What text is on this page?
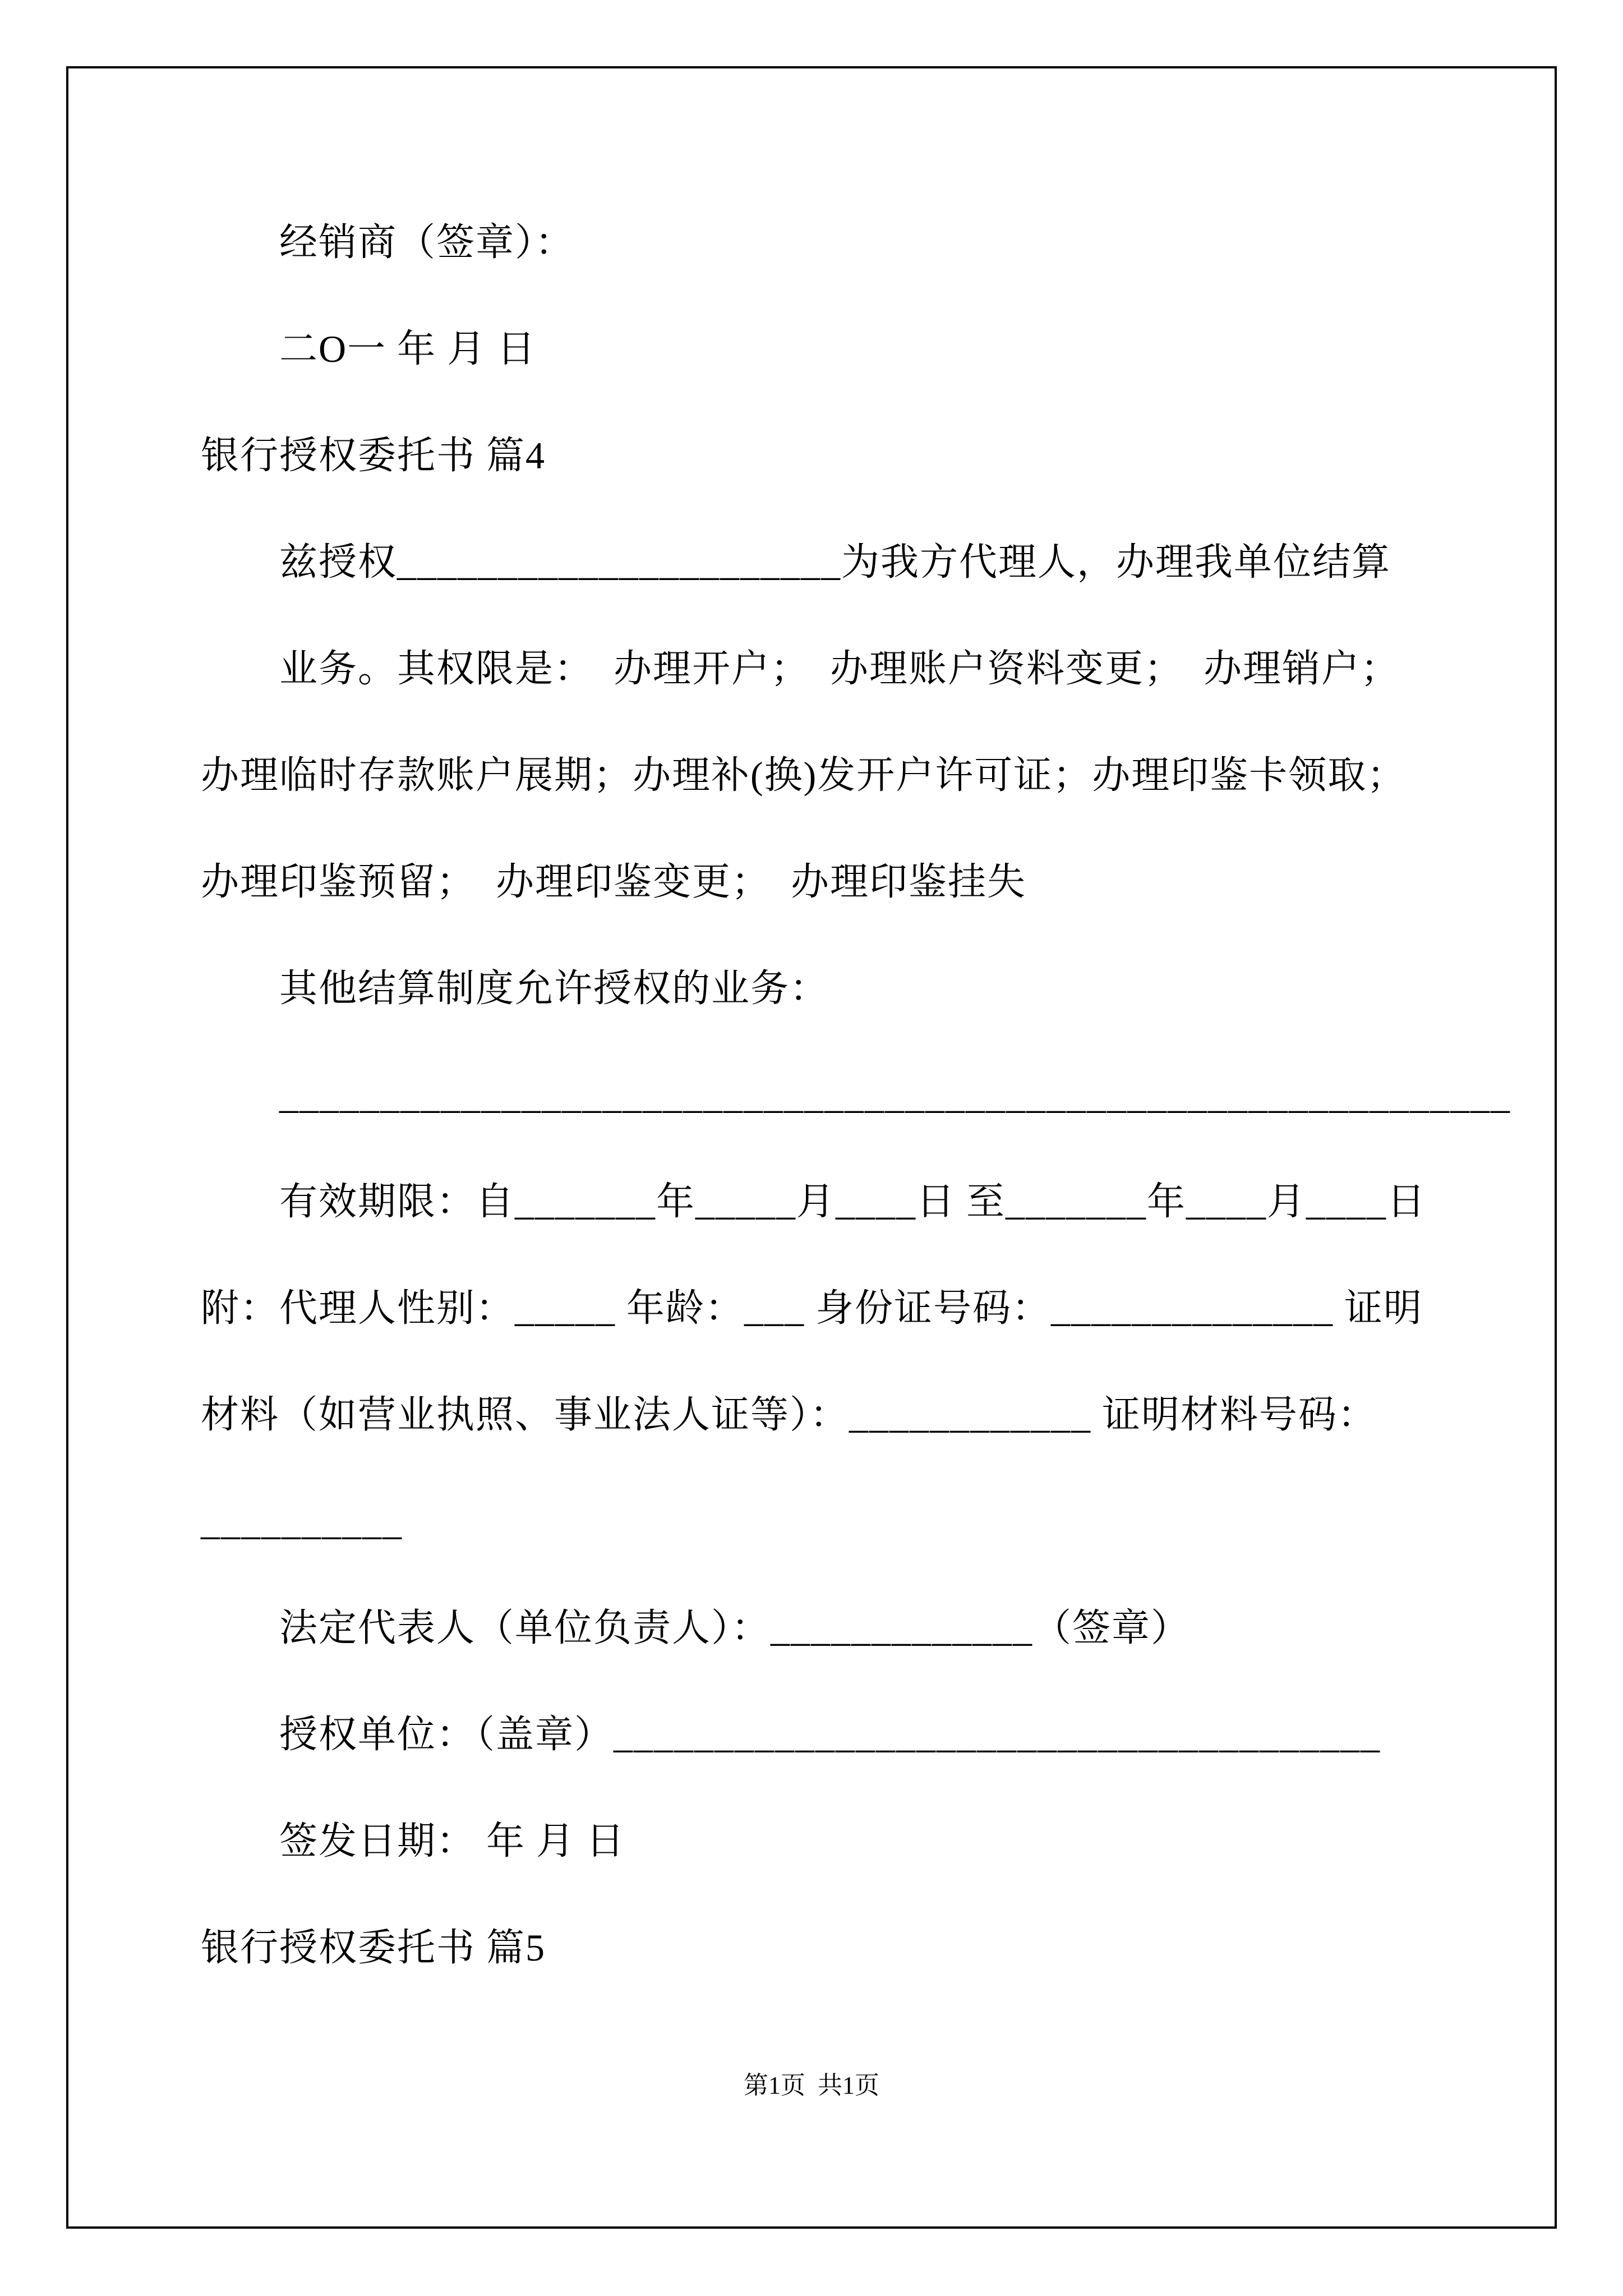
经销商（签章）：
二O一 年 月 日
银行授权委托书 篇4
兹授权______________________为我方代理人，办理我单位结算
业务。其权限是：　办理开户；　办理账户资料变更；　办理销户；
办理临时存款账户展期；办理补(换)发开户许可证；办理印鉴卡领取；
办理印鉴预留；　办理印鉴变更；　办理印鉴挂失
其他结算制度允许授权的业务：
_____________________________________________________________
有效期限：自_______年_____月____日 至_______年____月____日
附：代理人性别：_____ 年龄：___ 身份证号码：______________ 证明
材料（如营业执照、事业法人证等）：____________ 证明材料号码：
__________
法定代表人（单位负责人）：_____________（签章）
授权单位：（盖章）______________________________________
签发日期： 年 月 日
银行授权委托书 篇5
第1页  共1页
